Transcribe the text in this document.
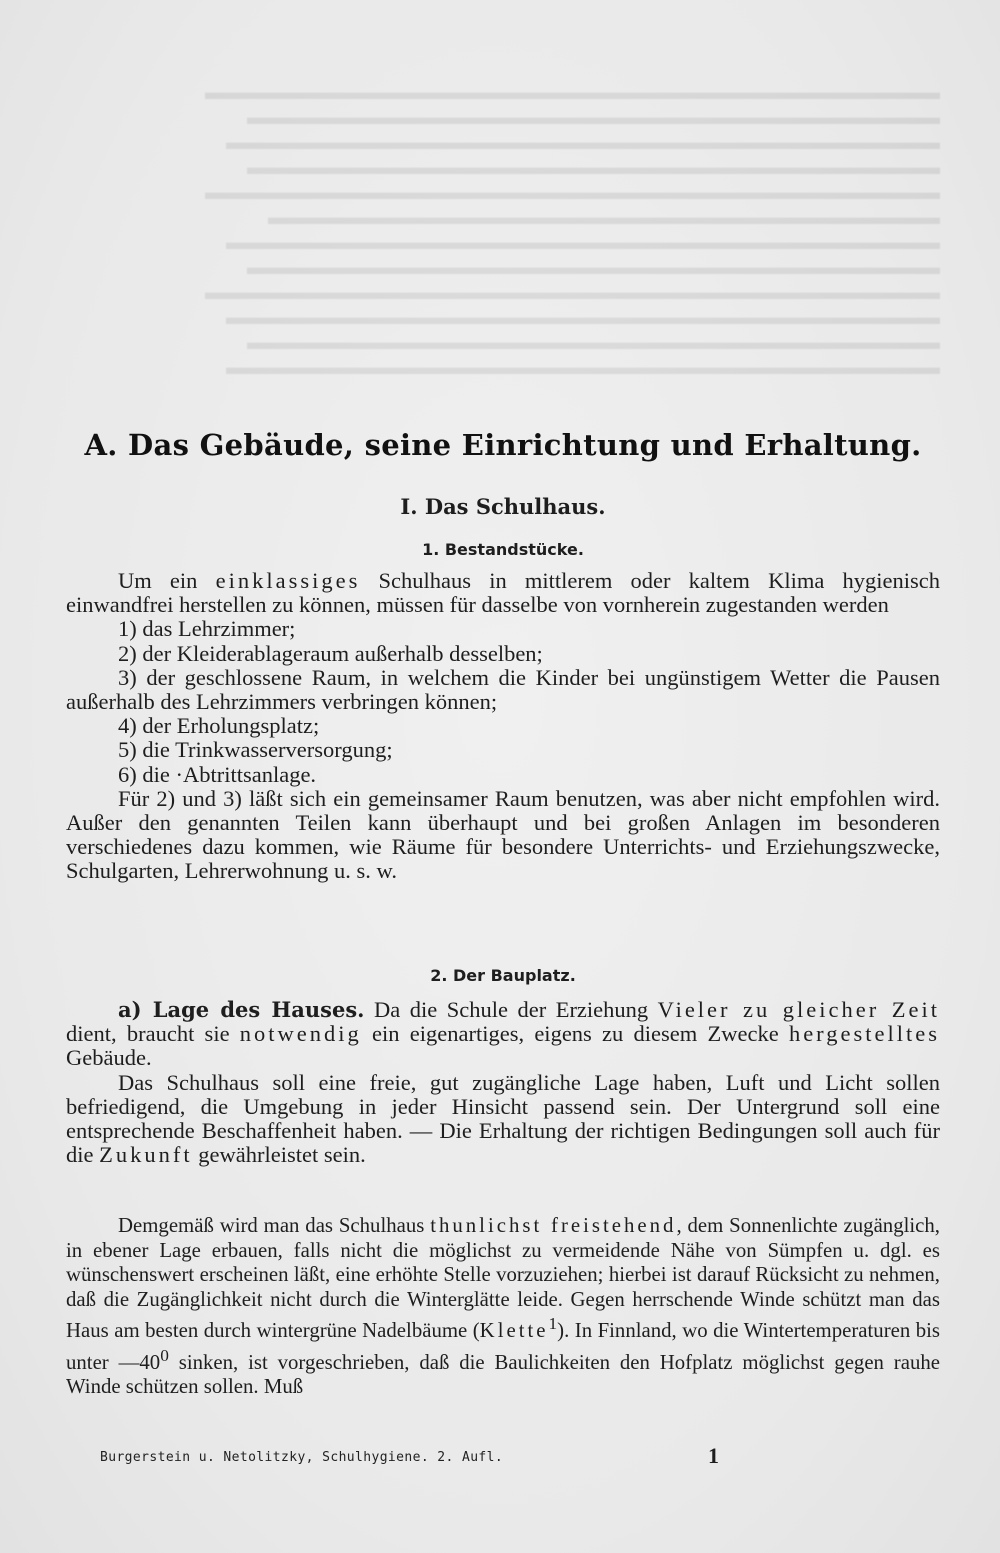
▬▬▬▬▬▬▬▬▬▬▬▬▬▬▬▬▬▬▬▬▬▬▬▬▬▬▬▬▬▬▬▬▬▬▬
▬▬▬▬▬▬▬▬▬▬▬▬▬▬▬▬▬▬▬▬▬▬▬▬▬▬▬▬▬▬▬▬▬
▬▬▬▬▬▬▬▬▬▬▬▬▬▬▬▬▬▬▬▬▬▬▬▬▬▬▬▬▬▬▬▬▬▬
▬▬▬▬▬▬▬▬▬▬▬▬▬▬▬▬▬▬▬▬▬▬▬▬▬▬▬▬▬▬▬▬▬
▬▬▬▬▬▬▬▬▬▬▬▬▬▬▬▬▬▬▬▬▬▬▬▬▬▬▬▬▬▬▬▬▬▬▬
▬▬▬▬▬▬▬▬▬▬▬▬▬▬▬▬▬▬▬▬▬▬▬▬▬▬▬▬▬▬▬▬
▬▬▬▬▬▬▬▬▬▬▬▬▬▬▬▬▬▬▬▬▬▬▬▬▬▬▬▬▬▬▬▬▬▬
▬▬▬▬▬▬▬▬▬▬▬▬▬▬▬▬▬▬▬▬▬▬▬▬▬▬▬▬▬▬▬▬▬
▬▬▬▬▬▬▬▬▬▬▬▬▬▬▬▬▬▬▬▬▬▬▬▬▬▬▬▬▬▬▬▬▬▬▬
▬▬▬▬▬▬▬▬▬▬▬▬▬▬▬▬▬▬▬▬▬▬▬▬▬▬▬▬▬▬▬▬▬▬
▬▬▬▬▬▬▬▬▬▬▬▬▬▬▬▬▬▬▬▬▬▬▬▬▬▬▬▬▬▬▬▬▬
▬▬▬▬▬▬▬▬▬▬▬▬▬▬▬▬▬▬▬▬▬▬▬▬▬▬▬▬▬▬▬▬▬▬
A. Das Gebäude, seine Einrichtung und Erhaltung.
I. Das Schulhaus.
1. Bestandstücke.

Um ein einklassiges Schulhaus in mittlerem oder kaltem Klima hygienisch einwandfrei herstellen zu können, müssen für dasselbe von vornherein zugestanden werden

1) das Lehrzimmer;

2) der Kleiderablageraum außerhalb desselben;

3) der geschlossene Raum, in welchem die Kinder bei ungünstigem Wetter die Pausen außerhalb des Lehrzimmers verbringen können;

4) der Erholungsplatz;

5) die Trinkwasserversorgung;

6) die ·Abtrittsanlage.

Für 2) und 3) läßt sich ein gemeinsamer Raum benutzen, was aber nicht empfohlen wird. Außer den genannten Teilen kann überhaupt und bei großen Anlagen im besonderen verschiedenes dazu kommen, wie Räume für besondere Unterrichts- und Erziehungszwecke, Schulgarten, Lehrerwohnung u. s. w.

2. Der Bauplatz.

a) Lage des Hauses. Da die Schule der Erziehung Vieler zu gleicher Zeit dient, braucht sie notwendig ein eigenartiges, eigens zu diesem Zwecke hergestelltes Gebäude.

Das Schulhaus soll eine freie, gut zugängliche Lage haben, Luft und Licht sollen befriedigend, die Umgebung in jeder Hinsicht passend sein. Der Untergrund soll eine entsprechende Beschaffenheit haben. — Die Erhaltung der richtigen Bedingungen soll auch für die Zukunft gewährleistet sein.

Demgemäß wird man das Schulhaus thunlichst freistehend, dem Sonnenlichte zugänglich, in ebener Lage erbauen, falls nicht die möglichst zu vermeidende Nähe von Sümpfen u. dgl. es wünschenswert erscheinen läßt, eine erhöhte Stelle vorzuziehen; hierbei ist darauf Rücksicht zu nehmen, daß die Zugänglichkeit nicht durch die Winterglätte leide. Gegen herrschende Winde schützt man das Haus am besten durch wintergrüne Nadelbäume (Klette$^1$). In Finnland, wo die Wintertemperaturen bis unter $—40^0$ sinken, ist vorgeschrieben, daß die Baulichkeiten den Hofplatz möglichst gegen rauhe Winde schützen sollen. Muß

Burgerstein u. Netolitzky, Schulhygiene. 2. Aufl.	1
